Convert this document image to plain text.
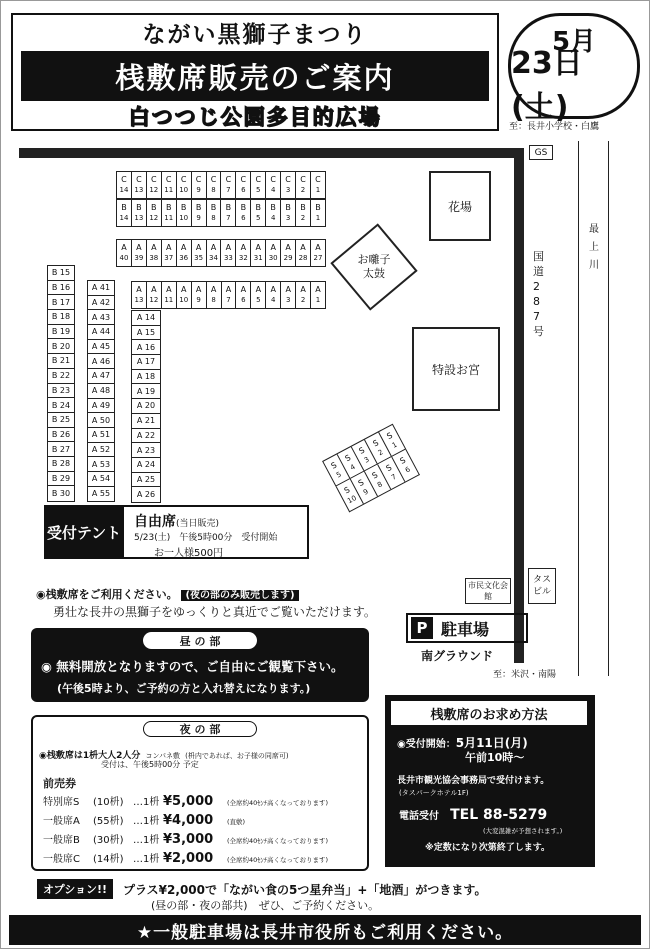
ながい黒獅子まつり
桟敷席販売のご案内
白つつじ公園多目的広場
5月
23日(土)
至：長井小学校・白鷹
GS
最上川
国道287号
花場
お囃子太鼓
特設お宮
C
14
C
13
C
12
C
11
C
10
C
9
C
8
C
7
C
6
C
5
C
4
C
3
C
2
C
1
B
14
B
13
B
12
B
11
B
10
B
9
B
8
B
7
B
6
B
5
B
4
B
3
B
2
B
1
A
40
A
39
A
38
A
37
A
36
A
35
A
34
A
33
A
32
A
31
A
30
A
29
A
28
A
27
A
13
A
12
A
11
A
10
A
9
A
8
A
7
A
6
A
5
A
4
A
3
A
2
A
1
B 15
B 16
B 17
B 18
B 19
B 20
B 21
B 22
B 23
B 24
B 25
B 26
B 27
B 28
B 29
B 30
A 41
A 42
A 43
A 44
A 45
A 46
A 47
A 48
A 49
A 50
A 51
A 52
A 53
A 54
A 55
A 14
A 15
A 16
A 17
A 18
A 19
A 20
A 21
A 22
A 23
A 24
A 25
A 26
S
5
S
4
S
3
S
2
S
1
S
10
S
9
S
8
S
7
S
6
受付テント
自由席(当日販売)
5/23(土)　午後5時00分　受付開始
お一人様500円
市民文化会館
タスビル
P 駐車場
南グラウンド
至：米沢・南陽
◉桟敷席をご利用ください。 (夜の部のみ販売します)
勇壮な長井の黒獅子をゆっくりと真近でご覧いただけます。
昼 の 部
◉ 無料開放となりますので、ご自由にご観覧下さい。
(午後5時より、ご予約の方と入れ替えになります。)
夜 の 部
◉桟敷席は1枡大人2人分 コンパネ敷 (枡内であれば、お子様の同席可)
受付は、午後5時00分 予定
前売券
特別席S	(10枡) …1枡 ¥5,000	(全席約40ｾﾝﾁ高くなっております)
一般席A	(55枡) …1枡 ¥4,000	(直敷)
一般席B	(30枡) …1枡 ¥3,000	(全席約40ｾﾝﾁ高くなっております)
一般席C	(14枡) …1枡 ¥2,000	(全席約40ｾﾝﾁ高くなっております)
桟敷席のお求め方法
◉受付開始：5月11日(月)
午前10時〜
長井市観光協会事務局で受付けます。
(タスパークホテル1F)
電話受付 TEL 88-5279
(大変混雑が予想されます。)
※定数になり次第終了します。
オプション!!	プラス¥2,000で「ながい食の5つ星弁当」+「地酒」がつきます。
(昼の部・夜の部共)　ぜひ、ご予約ください。
★一般駐車場は長井市役所もご利用ください。
